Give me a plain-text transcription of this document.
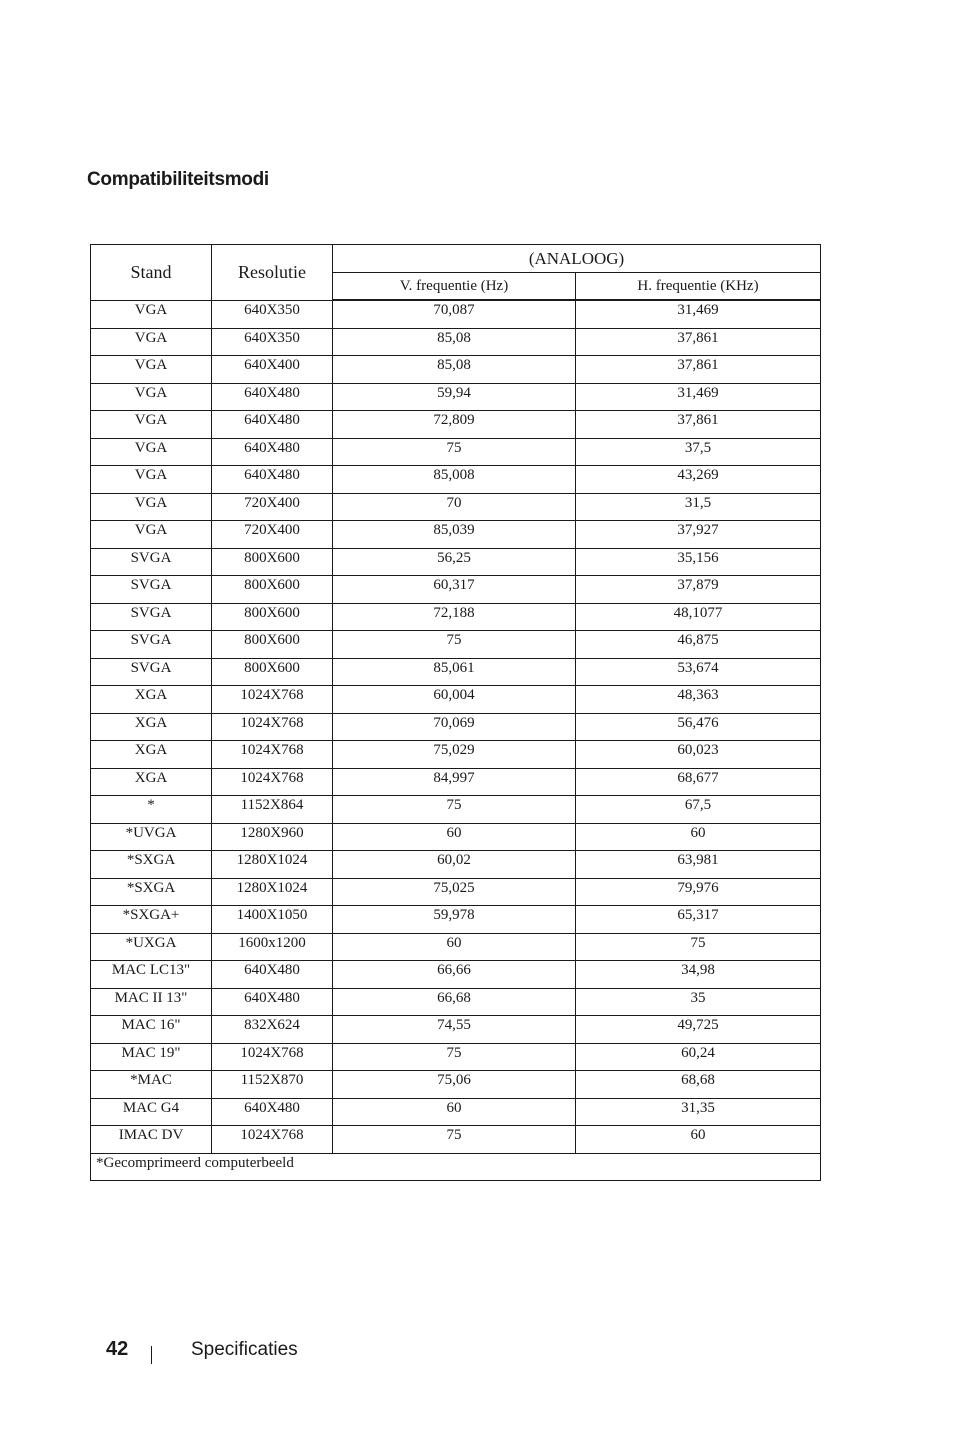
Compatibiliteitsmodi
Stand	Resolutie	(ANALOOG)	
		V. frequentie (Hz)	H. frequentie (KHz)
VGA	640X350	70,087	31,469
VGA	640X350	85,08	37,861
VGA	640X400	85,08	37,861
VGA	640X480	59,94	31,469
VGA	640X480	72,809	37,861
VGA	640X480	75	37,5
VGA	640X480	85,008	43,269
VGA	720X400	70	31,5
VGA	720X400	85,039	37,927
SVGA	800X600	56,25	35,156
SVGA	800X600	60,317	37,879
SVGA	800X600	72,188	48,1077
SVGA	800X600	75	46,875
SVGA	800X600	85,061	53,674
XGA	1024X768	60,004	48,363
XGA	1024X768	70,069	56,476
XGA	1024X768	75,029	60,023
XGA	1024X768	84,997	68,677
*	1152X864	75	67,5
*UVGA	1280X960	60	60
*SXGA	1280X1024	60,02	63,981
*SXGA	1280X1024	75,025	79,976
*SXGA+	1400X1050	59,978	65,317
*UXGA	1600x1200	60	75
MAC LC13"	640X480	66,66	34,98
MAC II 13"	640X480	66,68	35
MAC 16"	832X624	74,55	49,725
MAC 19"	1024X768	75	60,24
*MAC	1152X870	75,06	68,68
MAC G4	640X480	60	31,35
IMAC DV	1024X768	75	60
*Gecomprimeerd computerbeeld			
42	Specificaties
